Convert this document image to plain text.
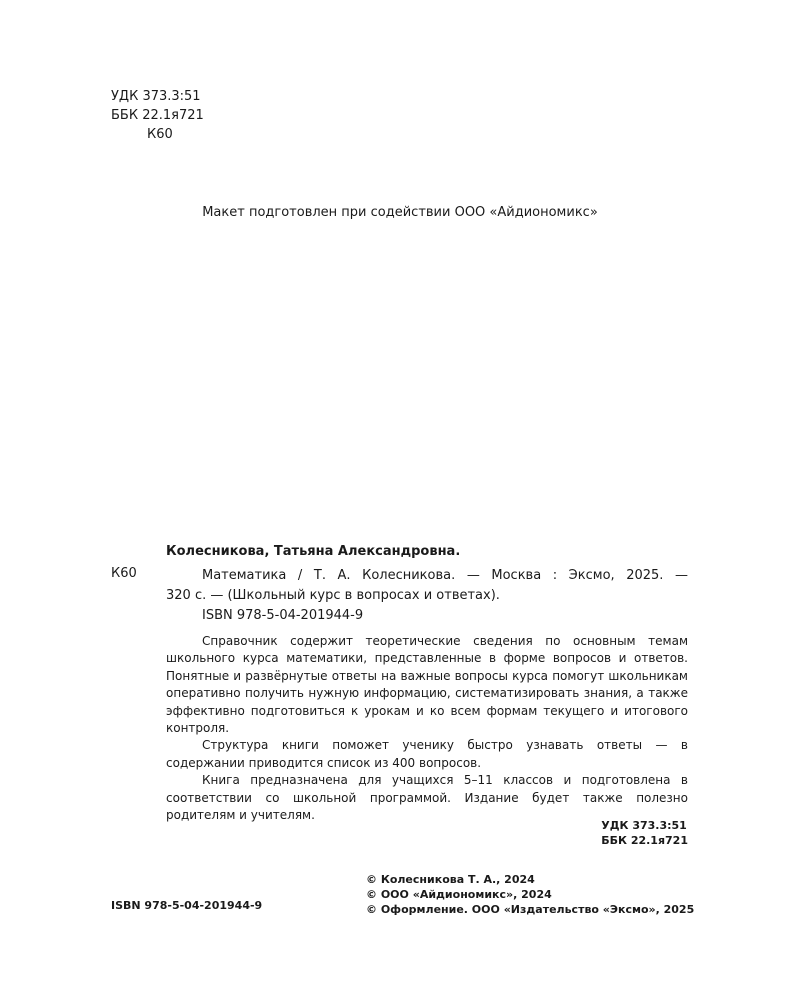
УДК 373.3:51
ББК 22.1я721
К60
Макет подготовлен при содействии ООО «Айдиономикс»
Колесникова, Татьяна Александровна.
К60	Математика / Т. А. Колесникова. — Москва : Эксмо, 2025. —
320 с. — (Школьный курс в вопросах и ответах).
ISBN 978-5-04-201944-9

Справочник содержит теоретические сведения по основным темам школьного курса математики, представленные в форме вопросов и ответов. Понятные и развёрнутые ответы на важные вопросы курса помогут школьникам оперативно получить нужную информацию, систематизировать знания, а также эффективно подготовиться к урокам и ко всем формам текущего и итогового контроля.

Структура книги поможет ученику быстро узнавать ответы — в содержании приводится список из 400 вопросов.

Книга предназначена для учащихся 5–11 классов и подготовлена в соответствии со школьной программой. Издание будет также полезно родителям и учителям.

УДК 373.3:51
ББК 22.1я721
© Колесникова Т. А., 2024
© ООО «Айдиономикс», 2024
© Оформление. ООО «Издательство «Эксмо», 2025
ISBN 978-5-04-201944-9
